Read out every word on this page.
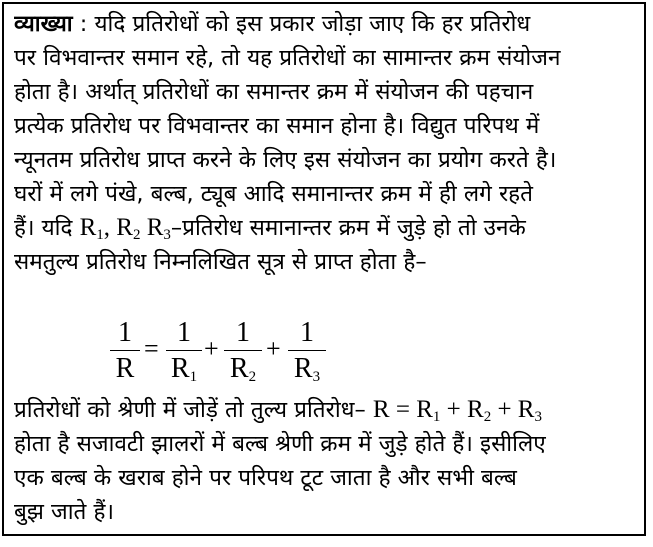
व्याख्या : यदि प्रतिरोधों को इस प्रकार जोड़ा जाए कि हर प्रतिरोध
पर विभवान्तर समान रहे, तो यह प्रतिरोधों का सामान्तर क्रम संयोजन
होता है। अर्थात् प्रतिरोधों का समान्तर क्रम में संयोजन की पहचान
प्रत्येक प्रतिरोध पर विभवान्तर का समान होना है। विद्युत परिपथ में
न्यूनतम प्रतिरोध प्राप्त करने के लिए इस संयोजन का प्रयोग करते है।
घरों में लगे पंखे, बल्ब, ट्यूब आदि समानान्तर क्रम में ही लगे रहते
हैं। यदि $R_1$, $R_2$ $R_3-प्रतिरोध$ समानान्तर क्रम में जुड़े हो तो उनके
समतुल्य प्रतिरोध निम्नलिखित सूत्र से प्राप्त होता है–
1
R
=
1
$R_1$
+
1
$R_2$
+
1
$R_3$
प्रतिरोधों को श्रेणी में जोड़ें तो तुल्य प्रतिरोध– $R = R_1 + R_2 + R_3$
होता है सजावटी झालरों में बल्ब श्रेणी क्रम में जुड़े होते हैं। इसीलिए
एक बल्ब के खराब होने पर परिपथ टूट जाता है और सभी बल्ब
बुझ जाते हैं।
